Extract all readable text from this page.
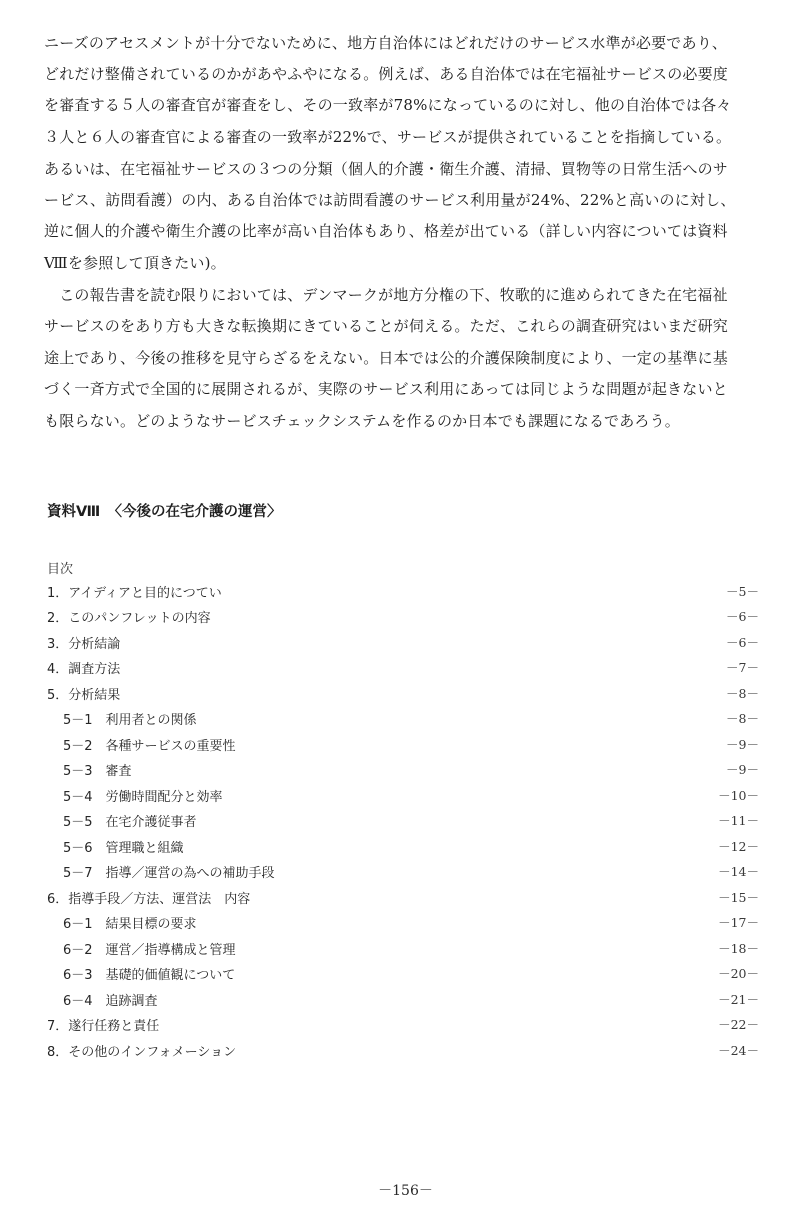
ニーズのアセスメントが十分でないために、地方自治体にはどれだけのサービス水準が必要であり、
どれだけ整備されているのかがあやふやになる。例えば、ある自治体では在宅福祉サービスの必要度
を審査する５人の審査官が審査をし、その一致率が78%になっているのに対し、他の自治体では各々
３人と６人の審査官による審査の一致率が22%で、サービスが提供されていることを指摘している。
あるいは、在宅福祉サービスの３つの分類（個人的介護・衛生介護、清掃、買物等の日常生活へのサ
ービス、訪問看護）の内、ある自治体では訪問看護のサービス利用量が24%、22%と高いのに対し、
逆に個人的介護や衛生介護の比率が高い自治体もあり、格差が出ている（詳しい内容については資料
Ⅷを参照して頂きたい)。
　この報告書を読む限りにおいては、デンマークが地方分権の下、牧歌的に進められてきた在宅福祉
サービスのをあり方も大きな転換期にきていることが伺える。ただ、これらの調査研究はいまだ研究
途上であり、今後の推移を見守らざるをえない。日本では公的介護保険制度により、一定の基準に基
づく一斉方式で全国的に展開されるが、実際のサービス利用にあっては同じような問題が起きないと
も限らない。どのようなサービスチェックシステムを作るのか日本でも課題になるであろう。
資料Ⅷ　〈今後の在宅介護の運営〉
目次
1．アイディアと目的につてい	－5－
2．このパンフレットの内容	－6－
3．分析結論	－6－
4．調査方法	－7－
5．分析結果	－8－
5－1　利用者との関係	－8－
5－2　各種サービスの重要性	－9－
5－3　審査	－9－
5－4　労働時間配分と効率	－10－
5－5　在宅介護従事者	－11－
5－6　管理職と組織	－12－
5－7　指導／運営の為への補助手段	－14－
6．指導手段／方法、運営法　内容	－15－
6－1　結果目標の要求	－17－
6－2　運営／指導構成と管理	－18－
6－3　基礎的価値観について	－20－
6－4　追跡調査	－21－
7．遂行任務と責任	－22－
8．その他のインフォメーション	－24－
－156－
